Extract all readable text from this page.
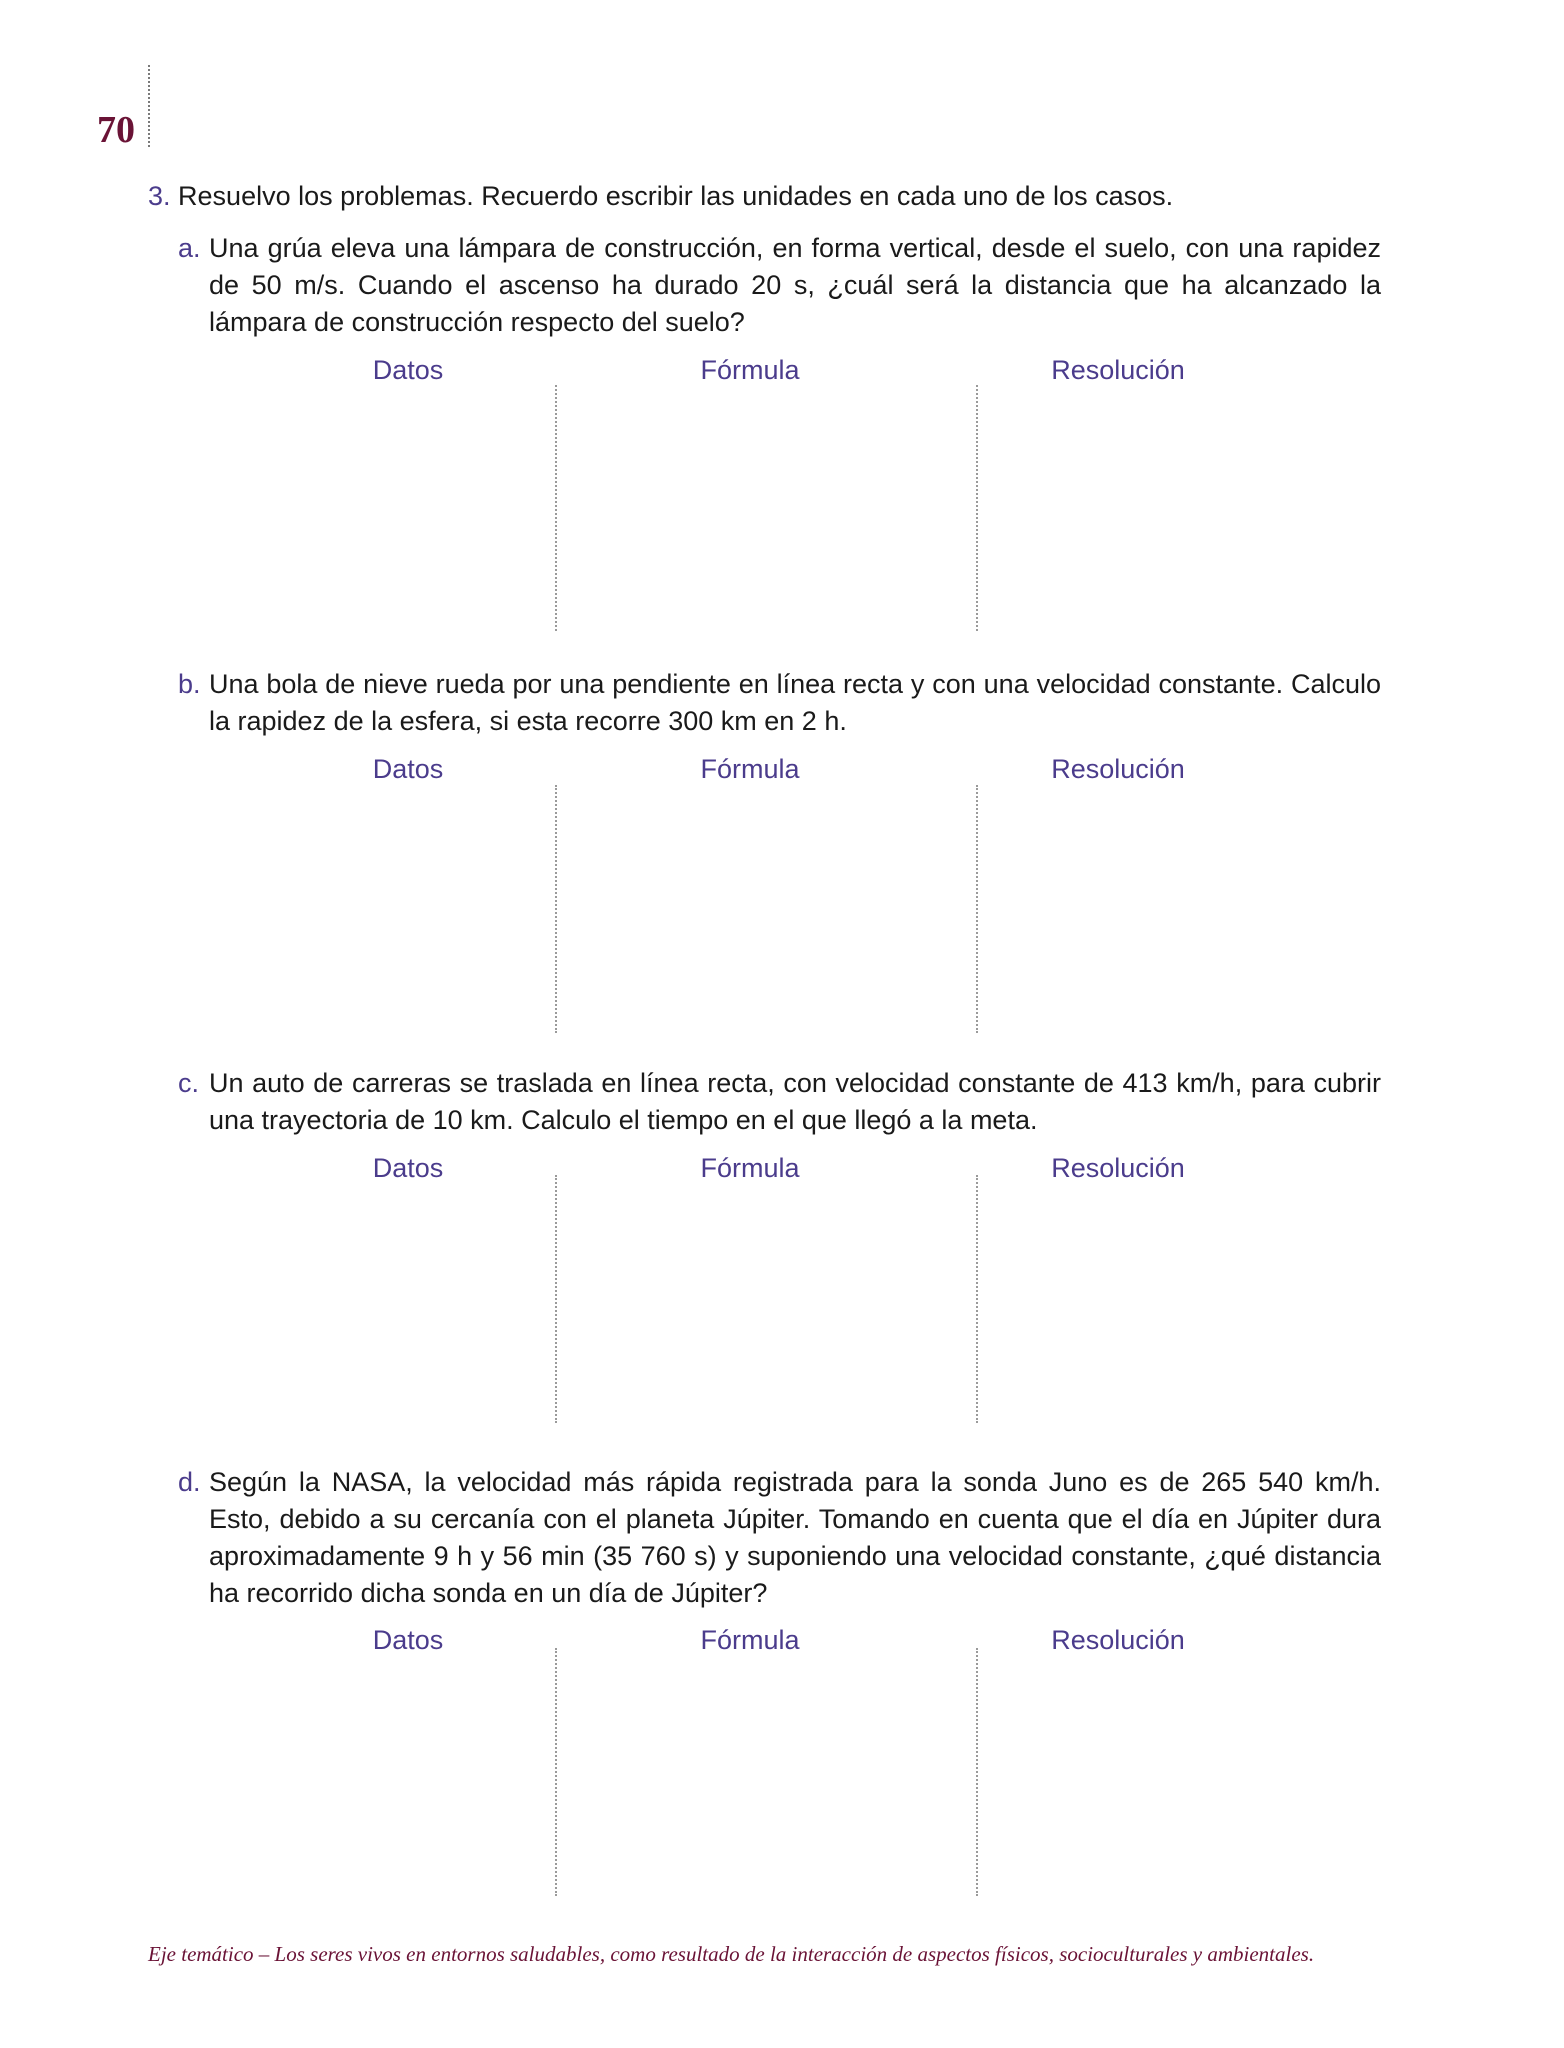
70
3. Resuelvo los problemas. Recuerdo escribir las unidades en cada uno de los casos.
a. Una grúa eleva una lámpara de construcción, en forma vertical, desde el suelo, con una rapidez de 50 m/s. Cuando el ascenso ha durado 20 s, ¿cuál será la distancia que ha alcanzado la lámpara de construcción respecto del suelo?
Datos	Fórmula	Resolución
b. Una bola de nieve rueda por una pendiente en línea recta y con una velocidad constante. Calculo la rapidez de la esfera, si esta recorre 300 km en 2 h.
Datos	Fórmula	Resolución
c. Un auto de carreras se traslada en línea recta, con velocidad constante de 413 km/h, para cubrir una trayectoria de 10 km. Calculo el tiempo en el que llegó a la meta.
Datos	Fórmula	Resolución
d. Según la NASA, la velocidad más rápida registrada para la sonda Juno es de 265 540 km/h. Esto, debido a su cercanía con el planeta Júpiter. Tomando en cuenta que el día en Júpiter dura aproximadamente 9 h y 56 min (35 760 s) y suponiendo una velocidad constante, ¿qué distancia ha recorrido dicha sonda en un día de Júpiter?
Datos	Fórmula	Resolución
Eje temático – Los seres vivos en entornos saludables, como resultado de la interacción de aspectos físicos, socioculturales y ambientales.
